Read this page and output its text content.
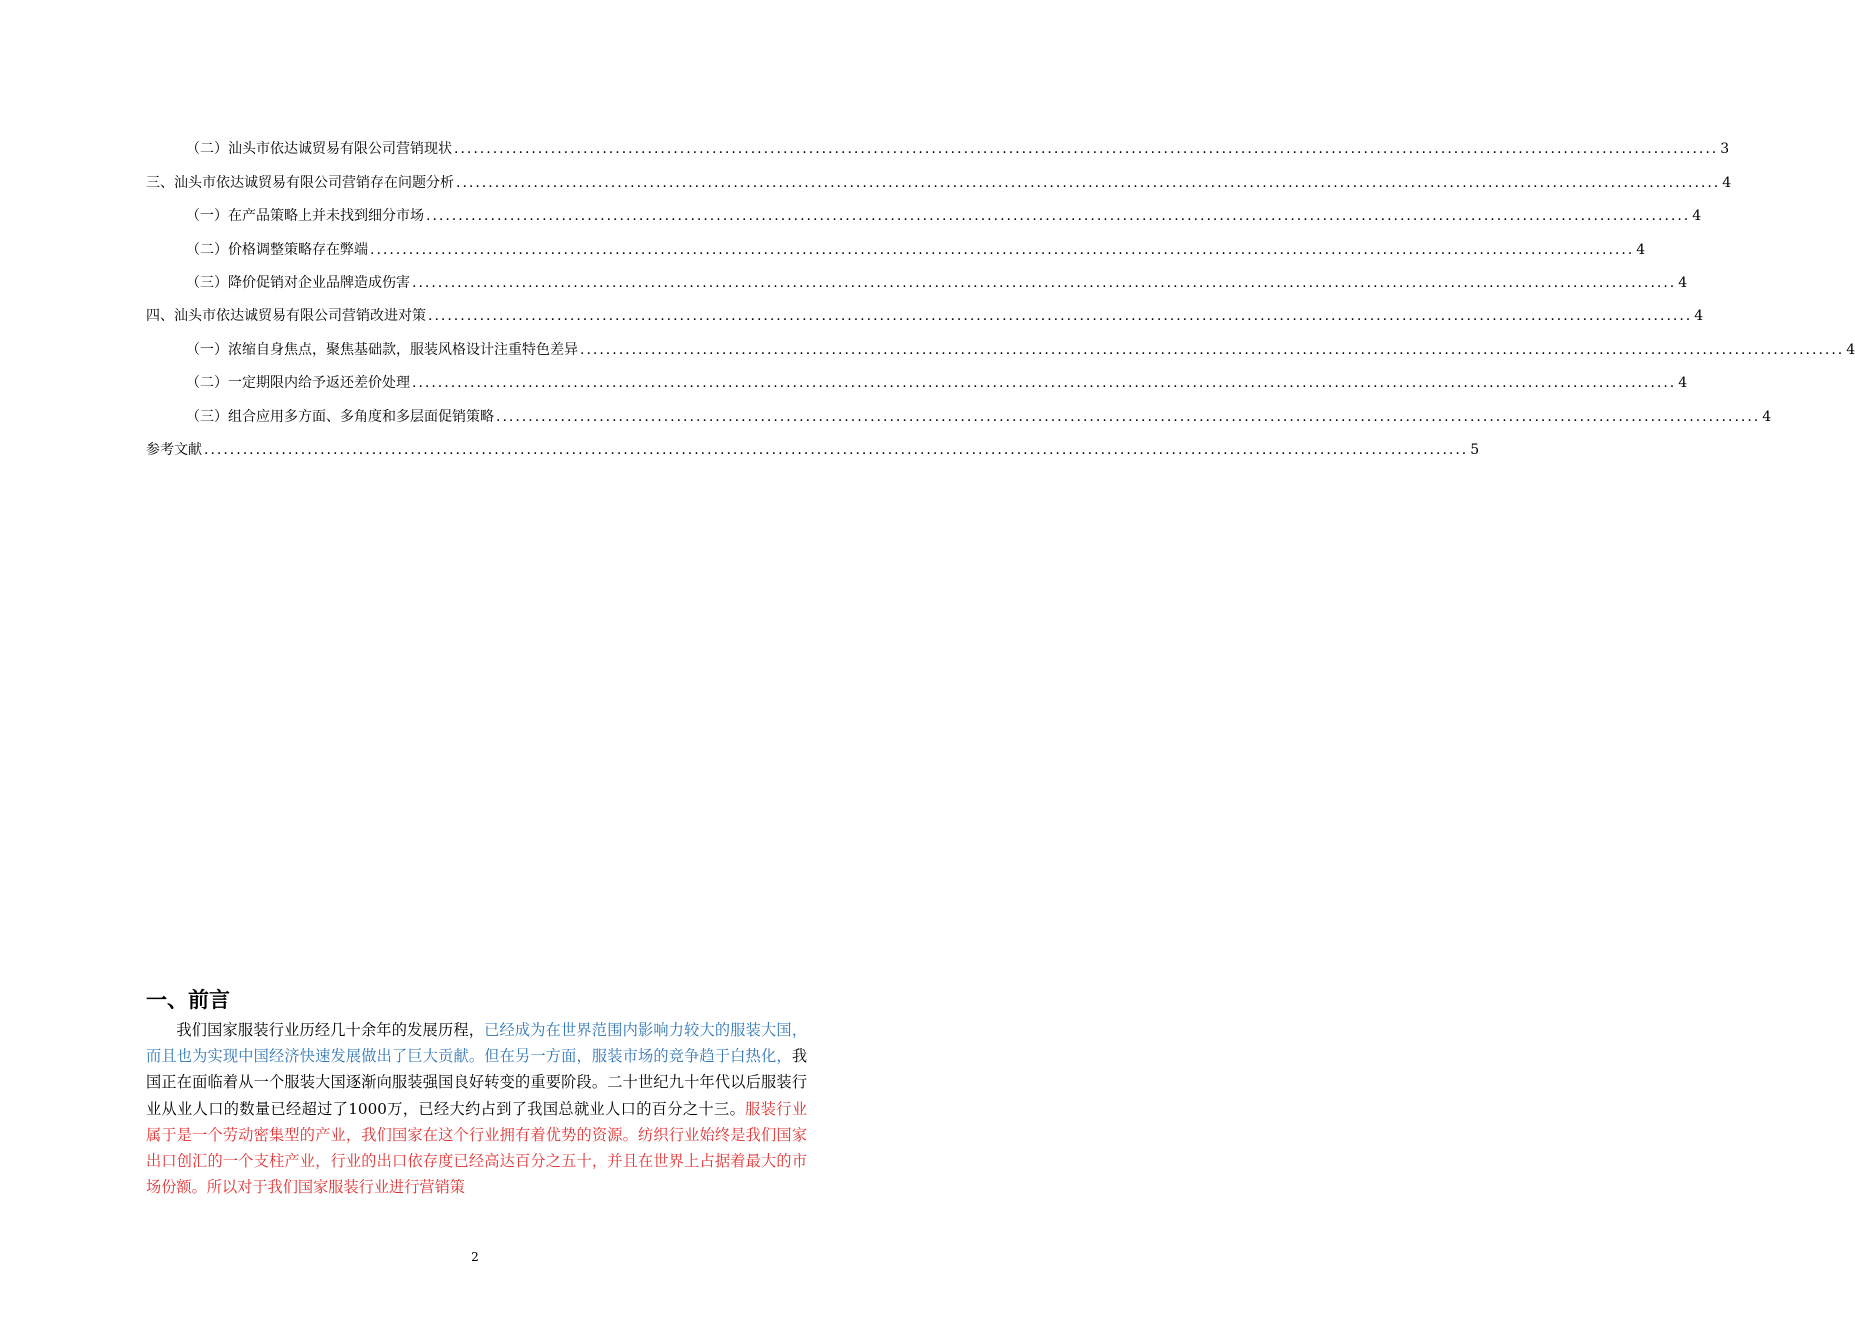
（二）汕头市依达诚贸易有限公司营销现状 .................................................................................................................................................................................................... 3
三、汕头市依达诚贸易有限公司营销存在问题分析 .................................................................................................................................................................................................... 4
（一）在产品策略上并未找到细分市场 .................................................................................................................................................................................................... 4
（二）价格调整策略存在弊端 .................................................................................................................................................................................................... 4
（三）降价促销对企业品牌造成伤害 .................................................................................................................................................................................................... 4
四、汕头市依达诚贸易有限公司营销改进对策 .................................................................................................................................................................................................... 4
（一）浓缩自身焦点，聚焦基础款，服装风格设计注重特色差异 .................................................................................................................................................................................................... 4
（二）一定期限内给予返还差价处理 .................................................................................................................................................................................................... 4
（三）组合应用多方面、多角度和多层面促销策略 .................................................................................................................................................................................................... 4
参考文献 .................................................................................................................................................................................................... 5
一、前言

我们国家服装行业历经几十余年的发展历程，已经成为在世界范围内影响力较大的服装大国，而且也为实现中国经济快速发展做出了巨大贡献。但在另一方面，服装市场的竞争趋于白热化，我国正在面临着从一个服装大国逐渐向服装强国良好转变的重要阶段。二十世纪九十年代以后服装行业从业人口的数量已经超过了1000万，已经大约占到了我国总就业人口的百分之十三。服装行业属于是一个劳动密集型的产业，我们国家在这个行业拥有着优势的资源。纺织行业始终是我们国家出口创汇的一个支柱产业，行业的出口依存度已经高达百分之五十，并且在世界上占据着最大的市场份额。所以对于我们国家服装行业进行营销策

2
